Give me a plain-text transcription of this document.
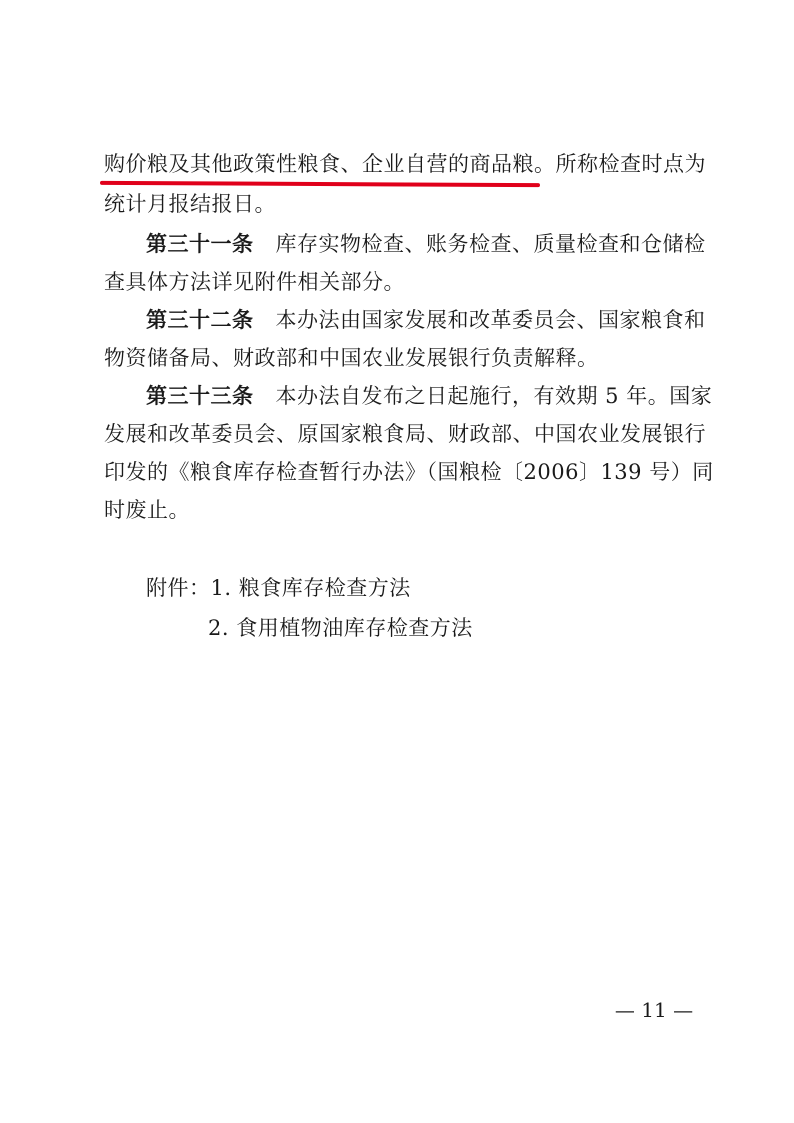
购价粮及其他政策性粮食、企业自营的商品粮
。所称检查时点为
统计月报结报日。
第三十一条 库存实物检查、账务检查、质量检查和仓储检
查具体方法详见附件相关部分。
第三十二条 本办法由国家发展和改革委员会、国家粮食和
物资储备局、财政部和中国农业发展银行负责解释。
第三十三条 本办法自发布之日起施行，有效期 5 年。国家
发展和改革委员会、原国家粮食局、财政部、中国农业发展银行
印发的《粮食库存检查暂行办法》（国粮检〔2006〕139 号）同
时废止。
附件：1. 粮食库存检查方法
2. 食用植物油库存检查方法
— 11 —
